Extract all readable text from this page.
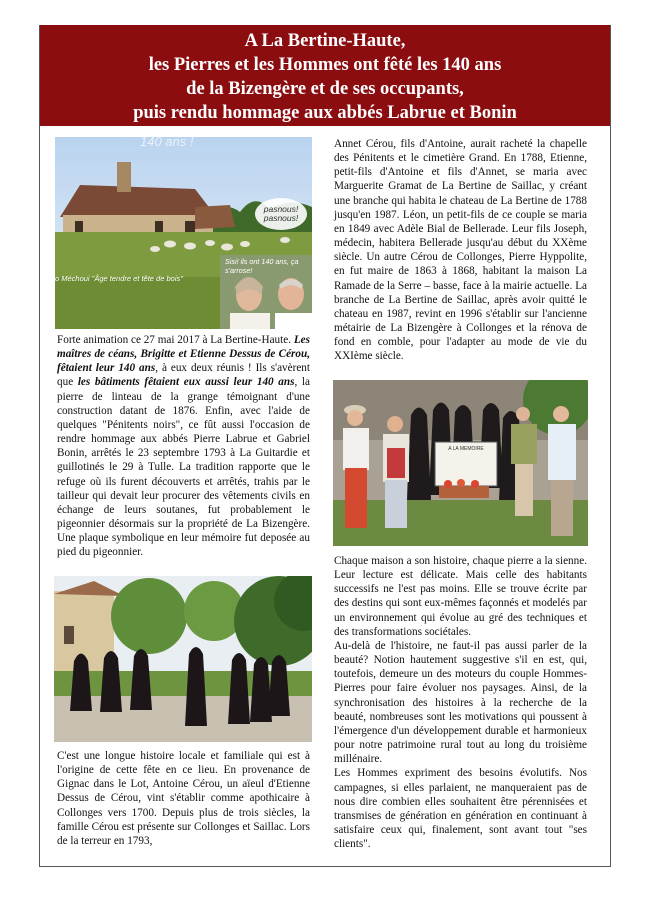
A La Bertine-Haute,
les Pierres et les Hommes ont fêté les 140 ans
de la Bizengère et de ses occupants,
puis rendu hommage aux abbés Labrue et Bonin
140 ans !
pasnous! pasnous!
o Méchoui "Âge tendre et tête de bois"
Sisi! ils ont 140 ans, ça s'arrose!

Forte animation ce 27 mai 2017 à La Bertine-Haute. Les maîtres de céans, Brigitte et Etienne Dessus de Cérou, fêtaient leur 140 ans, à eux deux réunis ! Ils s'avèrent que les bâtiments fêtaient eux aussi leur 140 ans, la pierre de linteau de la grange témoignant d'une construction datant de 1876. Enfin, avec l'aide de quelques "Pénitents noirs", ce fût aussi l'occasion de rendre hommage aux abbés Pierre Labrue et Gabriel Bonin, arrêtés le 23 septembre 1793 à La Guitardie et guillotinés le 29 à Tulle. La tradition rapporte que le refuge où ils furent découverts et arrêtés, trahis par le tailleur qui devait leur procurer des vêtements civils en échange de leurs soutanes, fut probablement le pigeonnier désormais sur la propriété de La Bizengère. Une plaque symbolique en leur mémoire fut deposée au pied du pigeonnier.

C'est une longue histoire locale et familiale qui est à l'origine de cette fête en ce lieu. En provenance de Gignac dans le Lot, Antoine Cérou, un aïeul d'Etienne Dessus de Cérou, vint s'établir comme apothicaire à Collonges vers 1700. Depuis plus de trois siècles, la famille Cérou est présente sur Collonges et Saillac. Lors de la terreur en 1793,

Annet Cérou, fils d'Antoine, aurait racheté la chapelle des Pénitents et le cimetière Grand. En 1788, Etienne, petit-fils d'Antoine et fils d'Annet, se maria avec Marguerite Gramat de La Bertine de Saillac, y créant une branche qui habita le chateau de La Bertine de 1788 jusqu'en 1987. Léon, un petit-fils de ce couple se maria en 1849 avec Adèle Bial de Bellerade. Leur fils Joseph, médecin, habitera Bellerade jusqu'au début du XXème siècle. Un autre Cérou de Collonges, Pierre Hyppolite, en fut maire de 1863 à 1868, habitant la maison La Ramade de la Serre – basse, face à la mairie actuelle. La branche de La Bertine de Saillac, après avoir quitté le chateau en 1987, revint en 1996 s'établir sur l'ancienne métairie de La Bizengère à Collonges et la rénova de fond en comble, pour l'adapter au mode de vie du XXIème siècle.

A LA MEMOIRE

Chaque maison a son histoire, chaque pierre a la sienne. Leur lecture est délicate. Mais celle des habitants successifs ne l'est pas moins. Elle se trouve écrite par des destins qui sont eux-mêmes façonnés et modelés par un environnement qui évolue au gré des techniques et des transformations sociétales.

Au-delà de l'histoire, ne faut-il pas aussi parler de la beauté? Notion hautement suggestive s'il en est, qui, toutefois, demeure un des moteurs du couple Hommes-Pierres pour faire évoluer nos paysages. Ainsi, de la synchronisation des histoires à la recherche de la beauté, nombreuses sont les motivations qui poussent à l'émergence d'un développement durable et harmonieux pour notre patrimoine rural tout au long du troisième millénaire.

Les Hommes expriment des besoins évolutifs. Nos campagnes, si elles parlaient, ne manqueraient pas de nous dire combien elles souhaitent être pérennisées et transmises de génération en génération en continuant à satisfaire ceux qui, finalement, sont avant tout "ses clients".
